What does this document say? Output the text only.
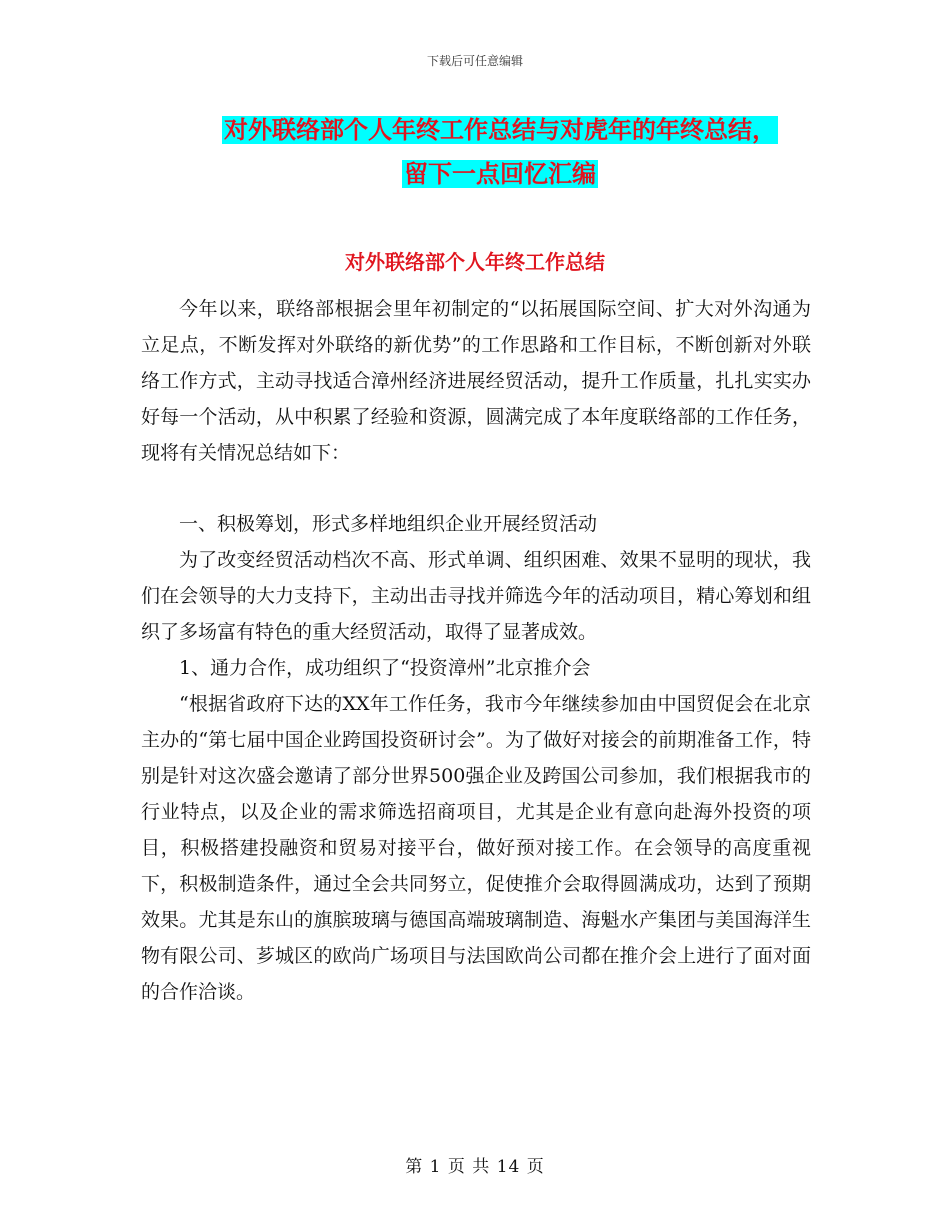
下载后可任意编辑
对外联络部个人年终工作总结与对虎年的年终总结，
留下一点回忆汇编
对外联络部个人年终工作总结

今年以来，联络部根据会里年初制定的“以拓展国际空间、扩大对外沟通为立足点，不断发挥对外联络的新优势”的工作思路和工作目标，不断创新对外联络工作方式，主动寻找适合漳州经济进展经贸活动，提升工作质量，扎扎实实办好每一个活动，从中积累了经验和资源，圆满完成了本年度联络部的工作任务，现将有关情况总结如下：

一、积极筹划，形式多样地组织企业开展经贸活动

为了改变经贸活动档次不高、形式单调、组织困难、效果不显明的现状，我们在会领导的大力支持下，主动出击寻找并筛选今年的活动项目，精心筹划和组织了多场富有特色的重大经贸活动，取得了显著成效。

1、通力合作，成功组织了“投资漳州”北京推介会

“根据省政府下达的XX年工作任务，我市今年继续参加由中国贸促会在北京主办的“第七届中国企业跨国投资研讨会”。为了做好对接会的前期准备工作，特别是针对这次盛会邀请了部分世界500强企业及跨国公司参加，我们根据我市的行业特点，以及企业的需求筛选招商项目，尤其是企业有意向赴海外投资的项目，积极搭建投融资和贸易对接平台，做好预对接工作。在会领导的高度重视下，积极制造条件，通过全会共同努立，促使推介会取得圆满成功，达到了预期效果。尤其是东山的旗膑玻璃与德国高端玻璃制造、海魁水产集团与美国海洋生物有限公司、芗城区的欧尚广场项目与法国欧尚公司都在推介会上进行了面对面的合作洽谈。

第 1 页 共 14 页
